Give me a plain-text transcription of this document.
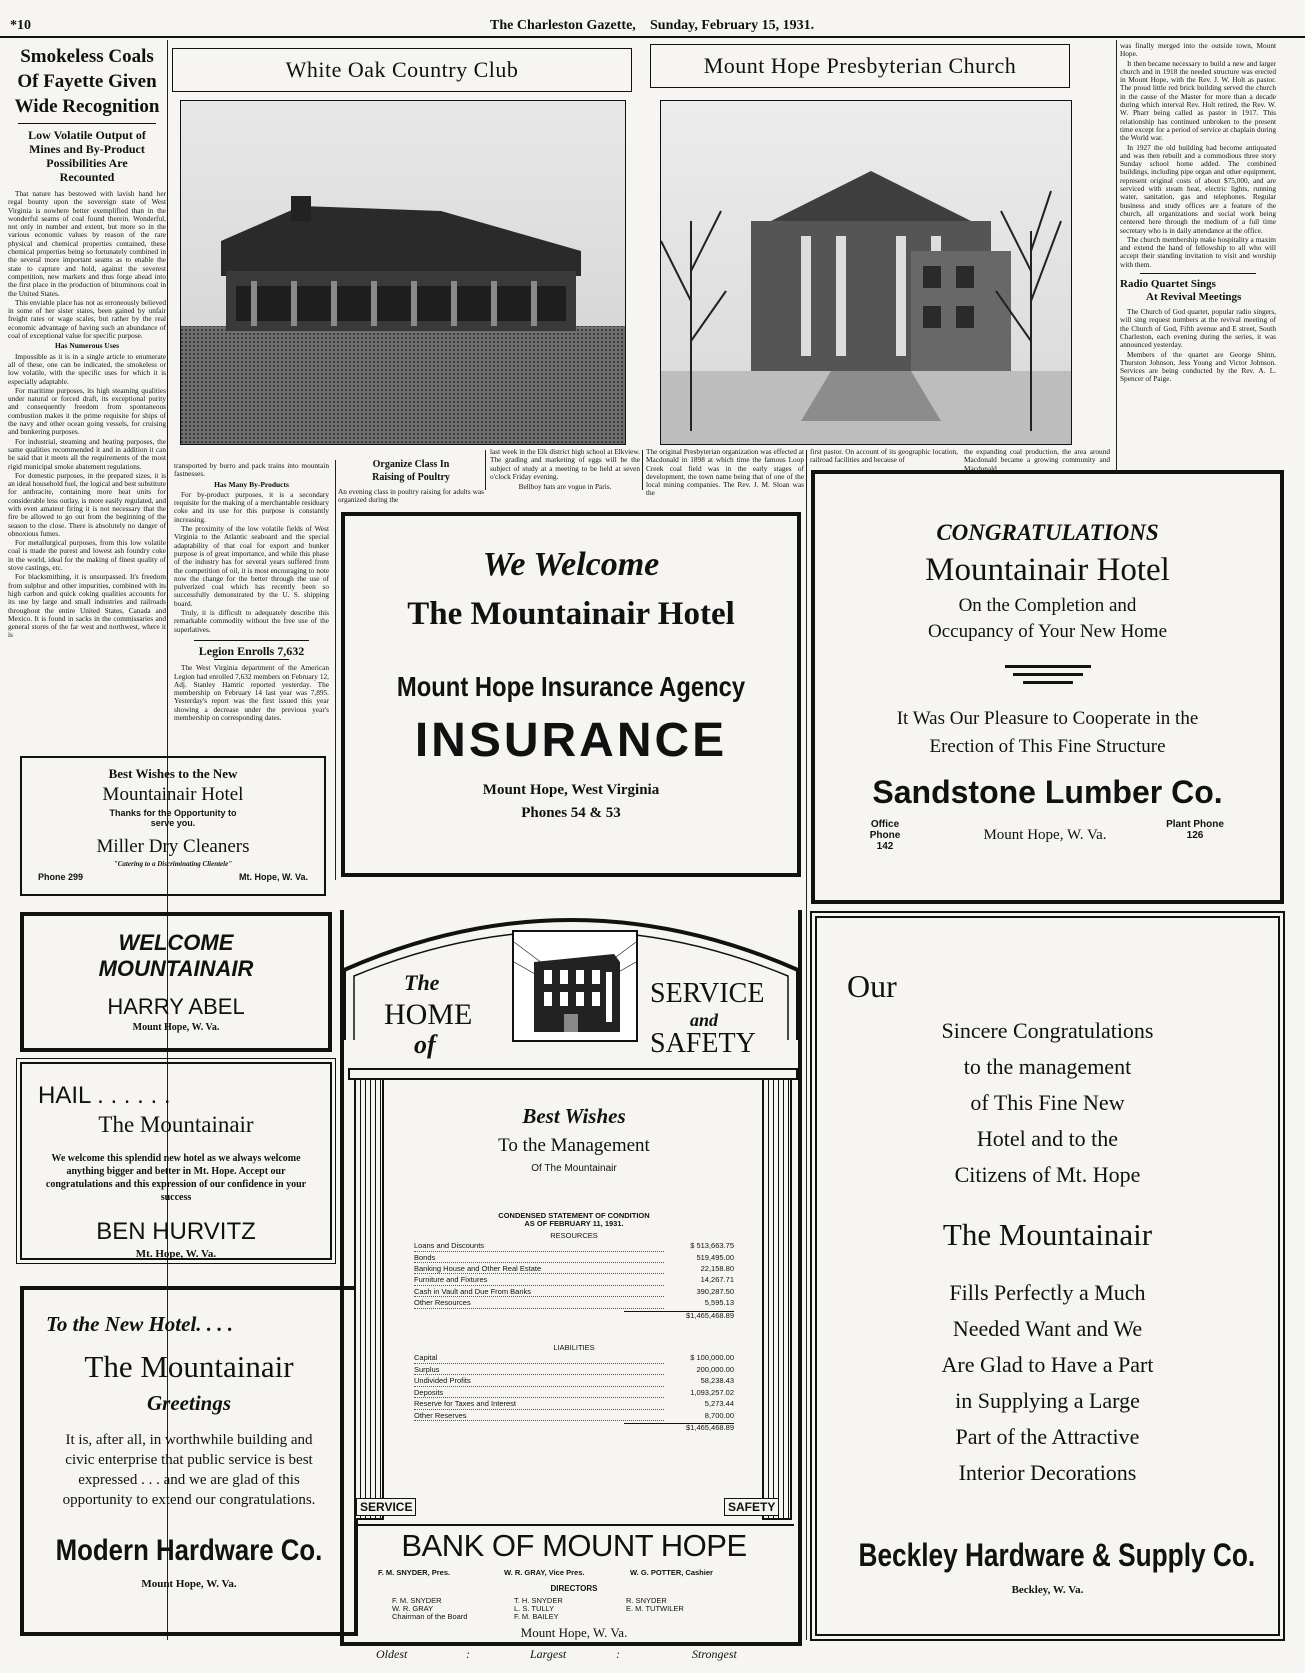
*10	The Charleston Gazette, Sunday, February 15, 1931.
Smokeless Coals
Of Fayette Given
Wide Recognition
Low Volatile Output of
Mines and By-Product
Possibilities Are
Recounted

That nature has bestowed with lavish hand her regal bounty upon the sovereign state of West Virginia is nowhere better exemplified than in the wonderful seams of coal found therein. Wonderful, not only in number and extent, but more so in the various economic values by reason of the rare physical and chemical properties contained, these chemical properties being so fortunately combined in the several more important seams as to enable the state to capture and hold, against the severest competition, new markets and thus forge ahead into the first place in the production of bituminous coal in the United States.

This enviable place has not as erroneously believed in some of her sister states, been gained by unfair freight rates or wage scales, but rather by the real economic advantage of having such an abundance of coal of exceptional value for specific purpose.

Has Numerous Uses

Impossible as it is in a single article to enumerate all of these, one can be indicated, the smokeless or low volatile, with the specific uses for which it is especially adaptable.

For maritime purposes, its high steaming qualities under natural or forced draft, its exceptional purity and consequently freedom from spontaneous combustion makes it the prime requisite for ships of the navy and other ocean going vessels, for cruising and bunkering purposes.

For industrial, steaming and heating purposes, the same qualities recommended it and in addition it can be said that it meets all the requirements of the most rigid municipal smoke abatement regulations.

For domestic purposes, in the prepared sizes, it is an ideal household fuel, the logical and best substitute for anthracite, containing more heat units for considerable less outlay, is more easily regulated, and with even amateur firing it is not necessary that the fire be allowed to go out from the beginning of the season to the close. There is absolutely no danger of obnoxious fumes.

For metallurgical purposes, from this low volatile coal is made the purest and lowest ash foundry coke in the world, ideal for the making of finest quality of stove castings, etc.

For blacksmithing, it is unsurpassed. It's freedom from sulphur and other impurities, combined with its high carbon and quick coking qualities accounts for its use by large and small industries and railroads throughout the entire United States, Canada and Mexico. It is found in sacks in the commissaries and general stores of the far west and northwest, where it is

transported by burro and pack trains into mountain fastnesses.

Has Many By-Products

For by-product purposes, it is a secondary requisite for the making of a merchantable residuary coke and its use for this purpose is constantly increasing.

The proximity of the low volatile fields of West Virginia to the Atlantic seaboard and the special adaptability of that coal for export and bunker purpose is of great importance, and while this phase of the industry has for several years suffered from the competition of oil, it is most encouraging to note now the change for the better through the use of pulverized coal which has recently been so successfully demonstrated by the U. S. shipping board.

Truly, it is difficult to adequately describe this remarkable commodity without the free use of the superlatives.

Legion Enrolls 7,632

The West Virginia department of the American Legion had enrolled 7,632 members on February 12, Adj. Stanley Hamric reported yesterday. The membership on February 14 last year was 7,895. Yesterday's report was the first issued this year showing a decrease under the previous year's membership on corresponding dates.

White Oak Country Club	Mount Hope Presbyterian Church
The original Presbyterian organization was effected at Macdonald in 1898 at which time the famous Loop Creek coal field was in the early stages of development, the town name being that of one of the local mining companies. The Rev. J. M. Sloan was the
first pastor. On account of its geographic location, railroad facilities and because of
the expanding coal production, the area around Macdonald became a growing community and Macdonald

was finally merged into the outside town, Mount Hope.

It then became necessary to build a new and larger church and in 1918 the needed structure was erected in Mount Hope, with the Rev. J. W. Holt as pastor. The proud little red brick building served the church in the cause of the Master for more than a decade during which interval Rev. Holt retired, the Rev. W. W. Pharr being called as pastor in 1917. This relationship has continued unbroken to the present time except for a period of service at chaplain during the World war.

In 1927 the old building had become antiquated and was then rebuilt and a commodious three story Sunday school home added. The combined buildings, including pipe organ and other equipment, represent original costs of about $75,000, and are serviced with steam heat, electric lights, running water, sanitation, gas and telephones. Regular business and study offices are a feature of the church, all organizations and social work being centered here through the medium of a full time secretary who is in daily attendance at the office.

The church membership make hospitality a maxim and extend the hand of fellowship to all who will accept their standing invitation to visit and worship with them.

Radio Quartet Sings
At Revival Meetings

The Church of God quartet, popular radio singers, will sing request numbers at the revival meeting of the Church of God, Fifth avenue and E street, South Charleston, each evening during the series, it was announced yesterday.

Members of the quartet are George Shinn, Thurston Johnson, Jess Young and Victor Johnson. Services are being conducted by the Rev. A. L. Spencer of Paige.

Organize Class In
Raising of Poultry
An evening class in poultry raising for adults was organized during the
last week in the Elk district high school at Elkview. The grading and marketing of eggs will be the subject of study at a meeting to be held at seven o'clock Friday evening.
Bellboy hats are vogue in Paris.
We Welcome
The Mountainair Hotel
Mount Hope Insurance Agency
INSURANCE
Mount Hope, West Virginia
Phones 54 & 53
CONGRATULATIONS
Mountainair Hotel
On the Completion and
Occupancy of Your New Home
It Was Our Pleasure to Cooperate in the
Erection of This Fine Structure
Sandstone Lumber Co.
Office Phone
142
Mount Hope, W. Va.
Plant Phone
126
Best Wishes to the New
Mountainair Hotel
Thanks for the Opportunity to
serve you.
Miller Dry Cleaners
"Catering to a Discriminating Clientele"
Phone 299	Mt. Hope, W. Va.
WELCOME
MOUNTAINAIR
HARRY ABEL
Mount Hope, W. Va.
HAIL . . . . . .
The Mountainair
We welcome this splendid new hotel as we always welcome anything bigger and better in Mt. Hope. Accept our congratulations and this expression of our confidence in your success
BEN HURVITZ
Mt. Hope, W. Va.
To the New Hotel. . . .
The Mountainair
Greetings
It is, after all, in worthwhile building and civic enterprise that public service is best expressed . . . and we are glad of this opportunity to extend our congratulations.
Modern Hardware Co.
Mount Hope, W. Va.
The
HOME
of
SERVICE
and
SAFETY
SERVICE	SAFETY
Best Wishes
To the Management
Of The Mountainair
CONDENSED STATEMENT OF CONDITION
AS OF FEBRUARY 11, 1931.
RESOURCES
Loans and Discounts	$ 513,663.75
Bonds	519,495.00
Banking House and Other Real Estate	22,158.80
Furniture and Fixtures	14,267.71
Cash in Vault and Due From Banks	390,287.50
Other Resources	5,595.13
$1,465,468.89
LIABILITIES
Capital	$ 100,000.00
Surplus	200,000.00
Undivided Profits	58,238.43
Deposits	1,093,257.02
Reserve for Taxes and Interest	5,273.44
Other Reserves	8,700.00
$1,465,468.89
BANK OF MOUNT HOPE
F. M. SNYDER, Pres.	W. R. GRAY, Vice Pres.	W. G. POTTER, Cashier
DIRECTORS
F. M. SNYDER
W. R. GRAY
Chairman of the Board
T. H. SNYDER
L. S. TULLY
F. M. BAILEY
R. SNYDER
E. M. TUTWILER
Mount Hope, W. Va.
Oldest	:	Largest	:	Strongest
Our
Sincere Congratulations
to the management
of This Fine New
Hotel and to the
Citizens of Mt. Hope
The Mountainair
Fills Perfectly a Much
Needed Want and We
Are Glad to Have a Part
in Supplying a Large
Part of the Attractive
Interior Decorations
Beckley Hardware & Supply Co.
Beckley, W. Va.
